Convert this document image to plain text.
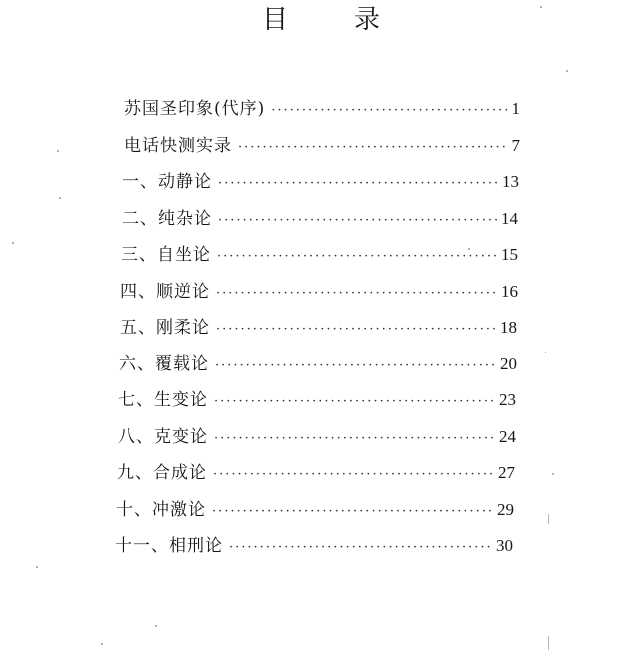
目录
苏国圣印象(代序) ·····	1
电话快测实录 ·····	7
一、动静论 ·····	13
二、纯杂论 ·····	14
三、自坐论 ·····	15
四、顺逆论 ·····	16
五、刚柔论 ·····	18
六、覆载论 ·····	20
七、生变论 ·····	23
八、克变论 ·····	24
九、合成论 ·····	27
十、冲激论 ·····	29
十一、相刑论 ·····	30
